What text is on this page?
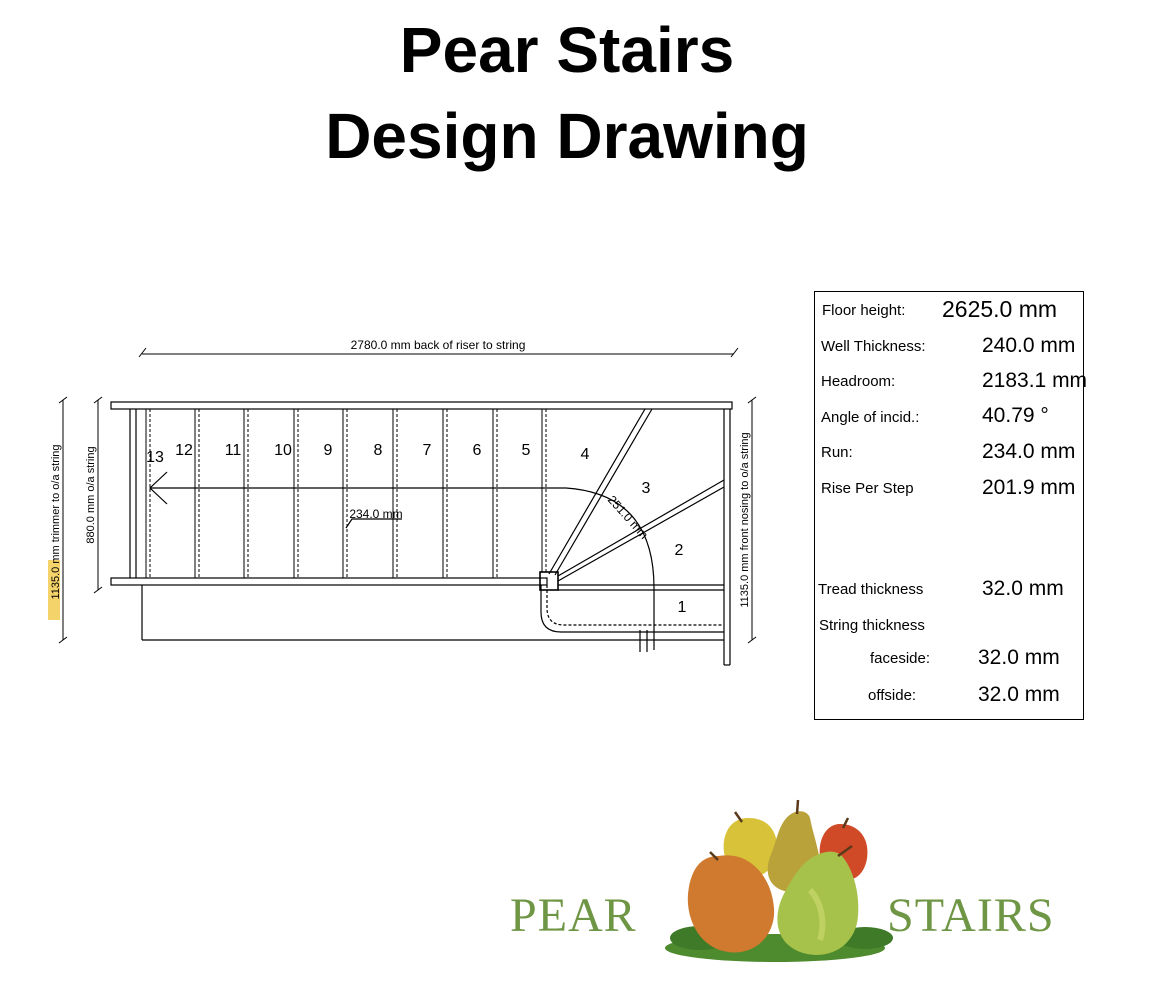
Pear Stairs
Design Drawing
2780.0 mm back of riser to string
1135.0 mm trimmer to o/a string 880.0 mm o/a string	1135.0 mm front nosing to o/a string
13 12 11 10 9	8	7	6	5	4
3
2
1
234.0 mm	251.0 mm
Floor height: 2625.0 mm
Well Thickness:	240.0 mm
Headroom:	2183.1 mm
Angle of incid.:	40.79 °
Run:	234.0 mm
Rise Per Step	201.9 mm
Tread thickness	32.0 mm
String thickness
faceside: 32.0 mm
offside:	32.0 mm
PEAR	STAIRS
